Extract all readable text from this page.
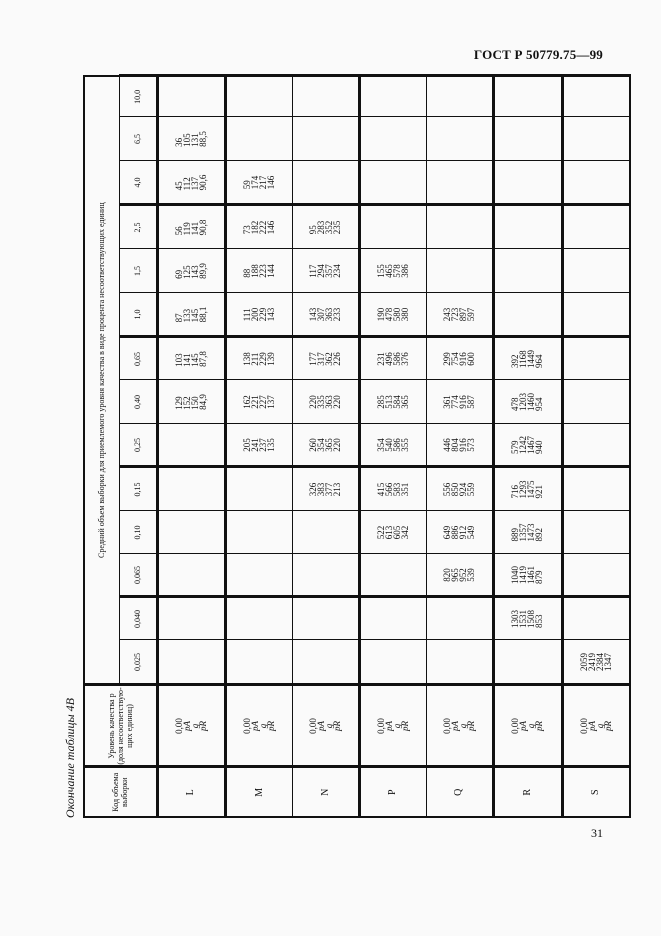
ГОСТ Р 50779.75—99
Окончание таблицы 4В	Код объема выборки	Уровень качества p (доля несоответствую-щих единиц)	Средний объем выборки для приемлемого уровня качества в виде процента несоответствующих единиц													
		0,025	0,040	0,065	0,10	0,15	0,25	0,40	0,65	1,0	1,5	2,5	4,0	6,5	10,0
L	0,00
pA
g
pR							129
152
150
84,9	103
141
145
87,8	87
133
145
88,1	69
125
143
89,9	56
119
141
90,8	45
112
137
90,6	36
105
131
88,5	

M	0,00
pA
g
pR						205
241
237
135	162
221
227
137	138
211
229
139	111
200
229
143	88
188
223
144	73
182
222
146	59
174
217
146		

N	0,00
pA
g
pR					326
383
377
213	260
354
365
220	220
335
363
220	177
317
362
226	143
307
363
233	117
294
357
234	95
283
352
235			

P	0,00
pA
g
pR				522
613
605
342	415
566
583
351	354
540
586
355	285
513
584
365	231
496
586
376	190
478
580
380	155
465
578
386				

Q	0,00
pA
g
pR			820
965
952
539	649
886
912
549	556
850
924
559	446
804
916
573	361
774
916
587	299
754
916
600	243
723
897
597					

R	0,00
pA
g
pR		1303
1531
1508
853	1040
1419
1461
879	889
1357
1473
892	716
1293
1475
921	579
1242
1467
940	478
1203
1460
954	392
1168
1449
964						

S	0,00
pA
g
pR	2059
2419
2384
1347													

31
